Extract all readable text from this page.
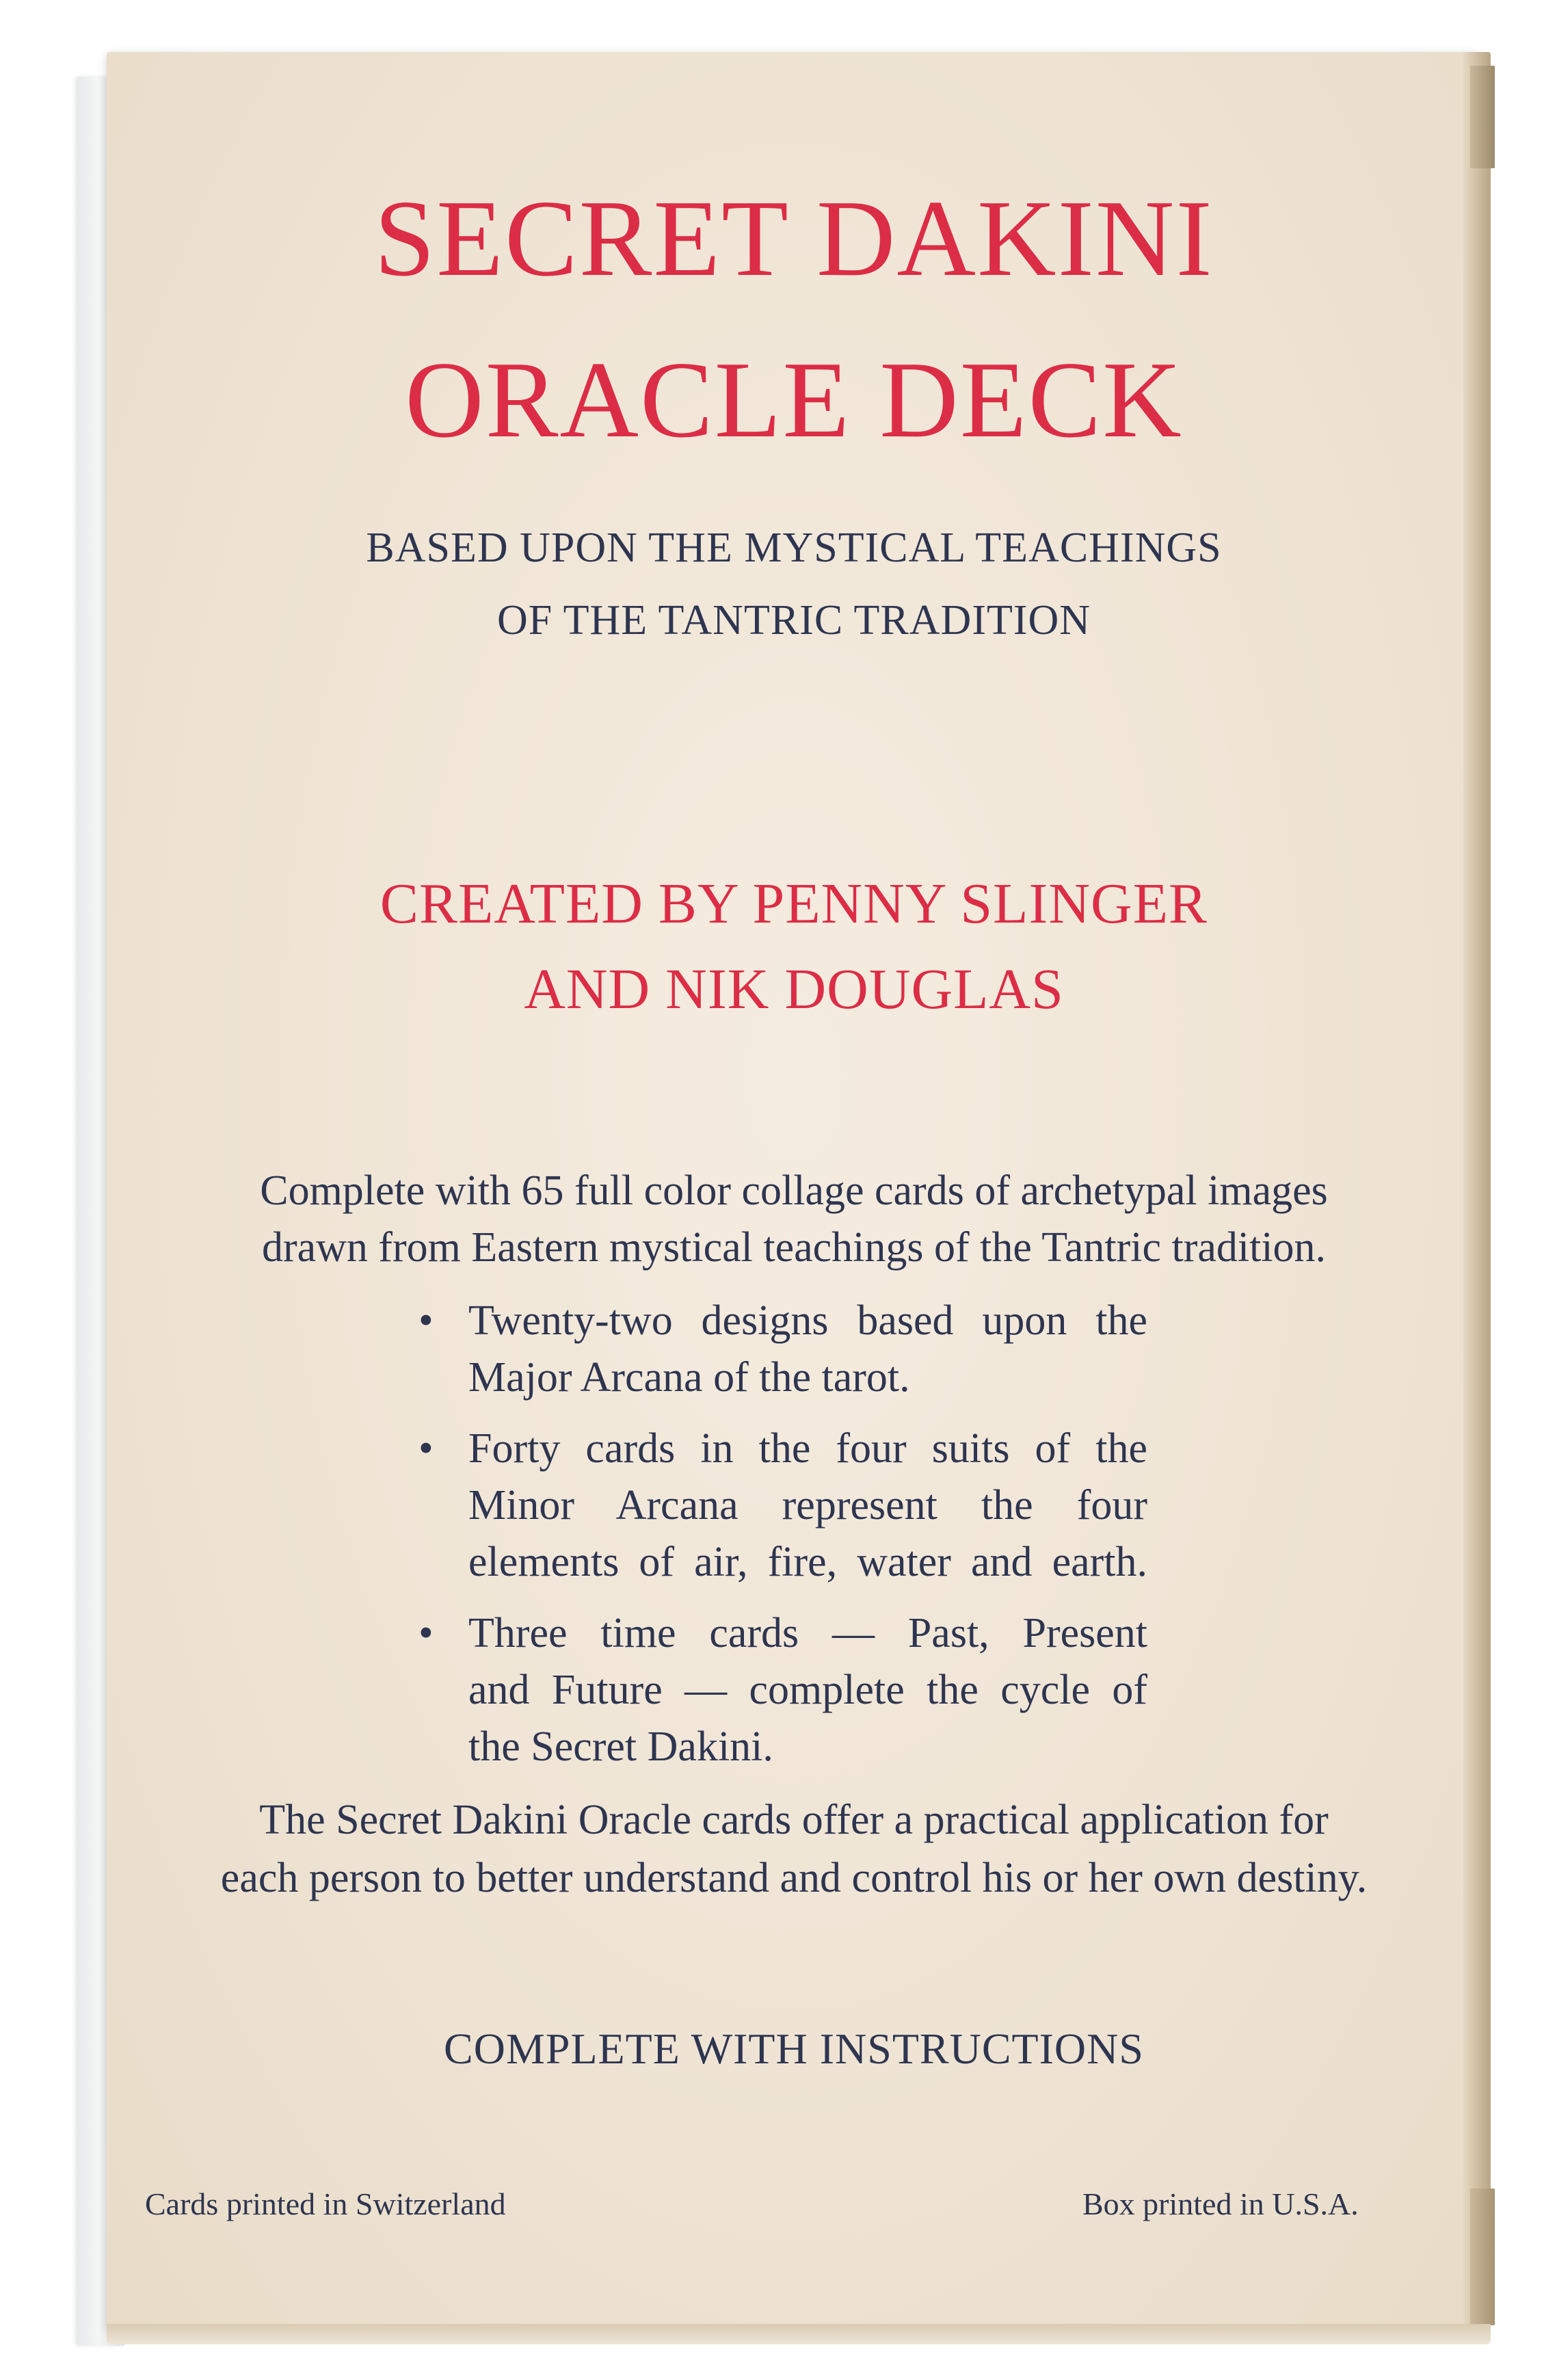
SECRET DAKINI
ORACLE DECK
BASED UPON THE MYSTICAL TEACHINGS
OF THE TANTRIC TRADITION
CREATED BY PENNY SLINGER
AND NIK DOUGLAS
Complete with 65 full color collage cards of archetypal images
drawn from Eastern mystical teachings of the Tantric tradition.
• Twenty-two designs based upon the
Major Arcana of the tarot.
• Forty cards in the four suits of the
Minor Arcana represent the four
elements of air, fire, water and earth.
• Three time cards — Past, Present
and Future — complete the cycle of
the Secret Dakini.
The Secret Dakini Oracle cards offer a practical application for
each person to better understand and control his or her own destiny.
COMPLETE WITH INSTRUCTIONS
Cards printed in Switzerland	Box printed in U.S.A.
